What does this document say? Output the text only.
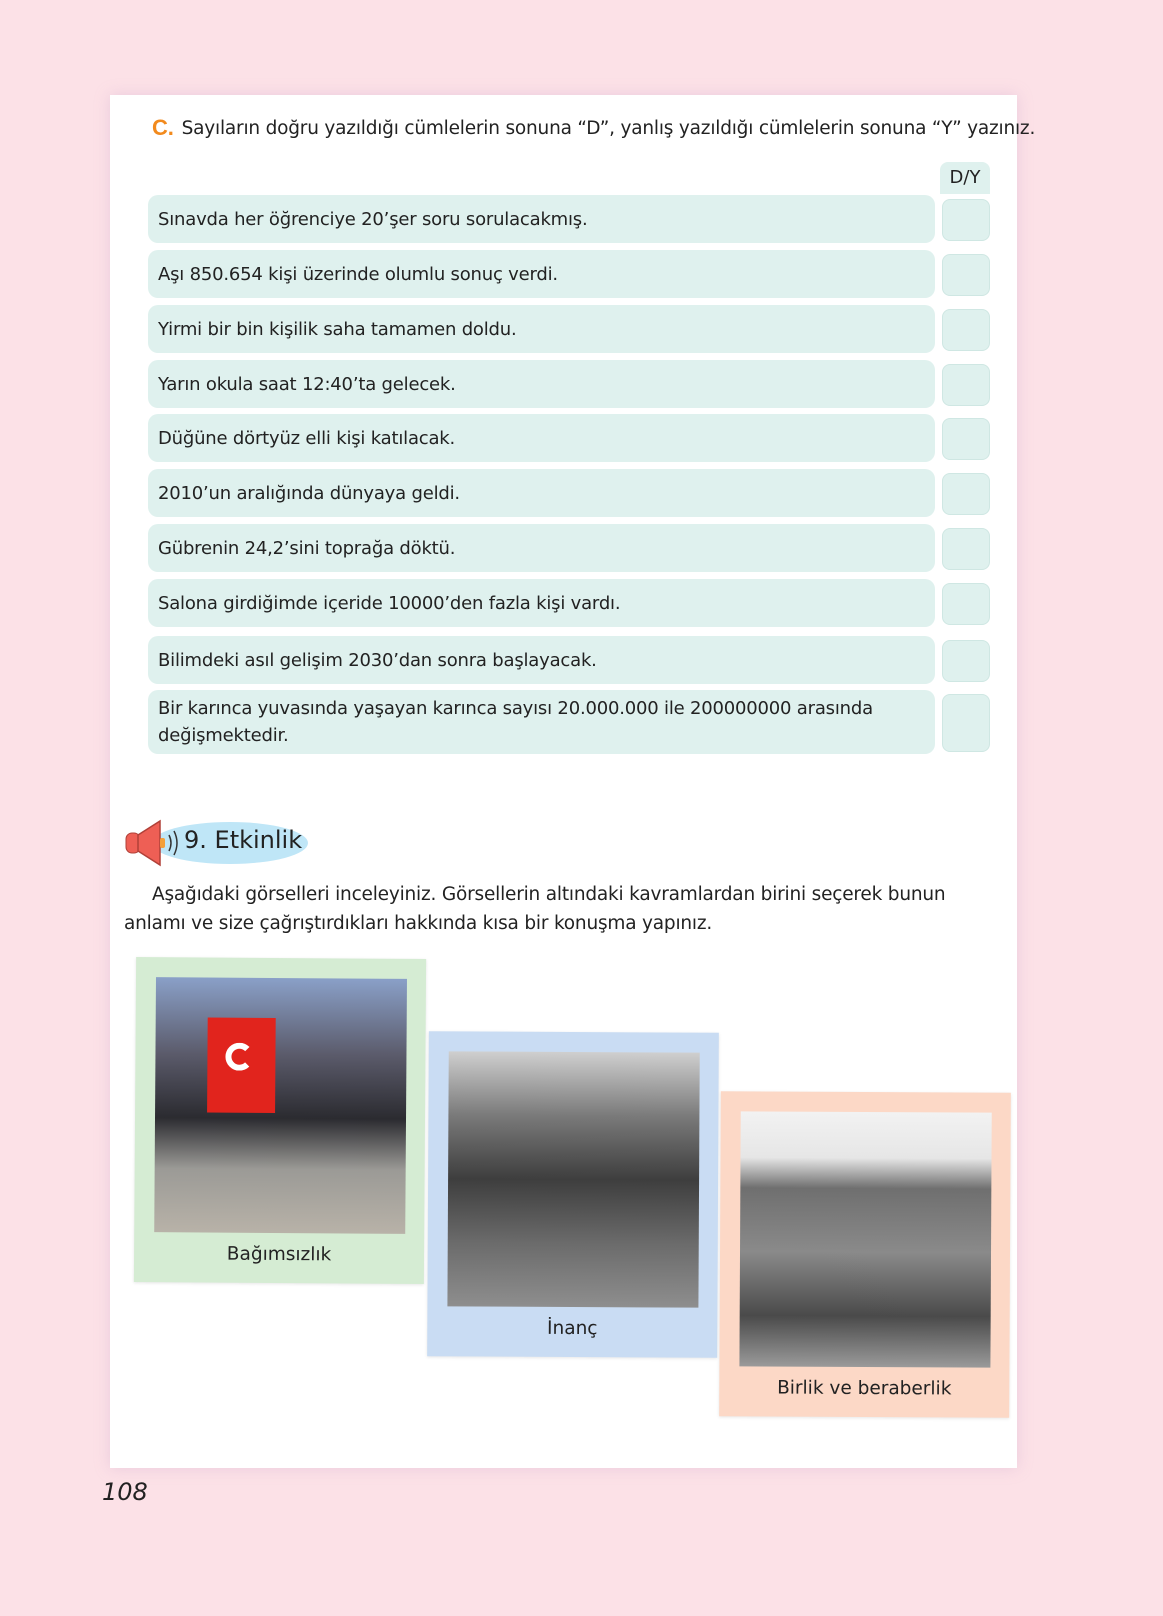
C. Sayıların doğru yazıldığı cümlelerin sonuna “D”, yanlış yazıldığı cümlelerin sonuna “Y” yazınız.
D/Y
Sınavda her öğrenciye 20’şer soru sorulacakmış.
Aşı 850.654 kişi üzerinde olumlu sonuç verdi.
Yirmi bir bin kişilik saha tamamen doldu.
Yarın okula saat 12:40’ta gelecek.
Düğüne dörtyüz elli kişi katılacak.
2010’un aralığında dünyaya geldi.
Gübrenin 24,2’sini toprağa döktü.
Salona girdiğimde içeride 10000’den fazla kişi vardı.
Bilimdeki asıl gelişim 2030’dan sonra başlayacak.
Bir karınca yuvasında yaşayan karınca sayısı 20.000.000 ile 200000000 arasında değişmektedir.
9. Etkinlik

Aşağıdaki görselleri inceleyiniz. Görsellerin altındaki kavramlardan birini seçerek bunun anlamı ve size çağrıştırdıkları hakkında kısa bir konuşma yapınız.

Bağımsızlık
İnanç
Birlik ve beraberlik
108
